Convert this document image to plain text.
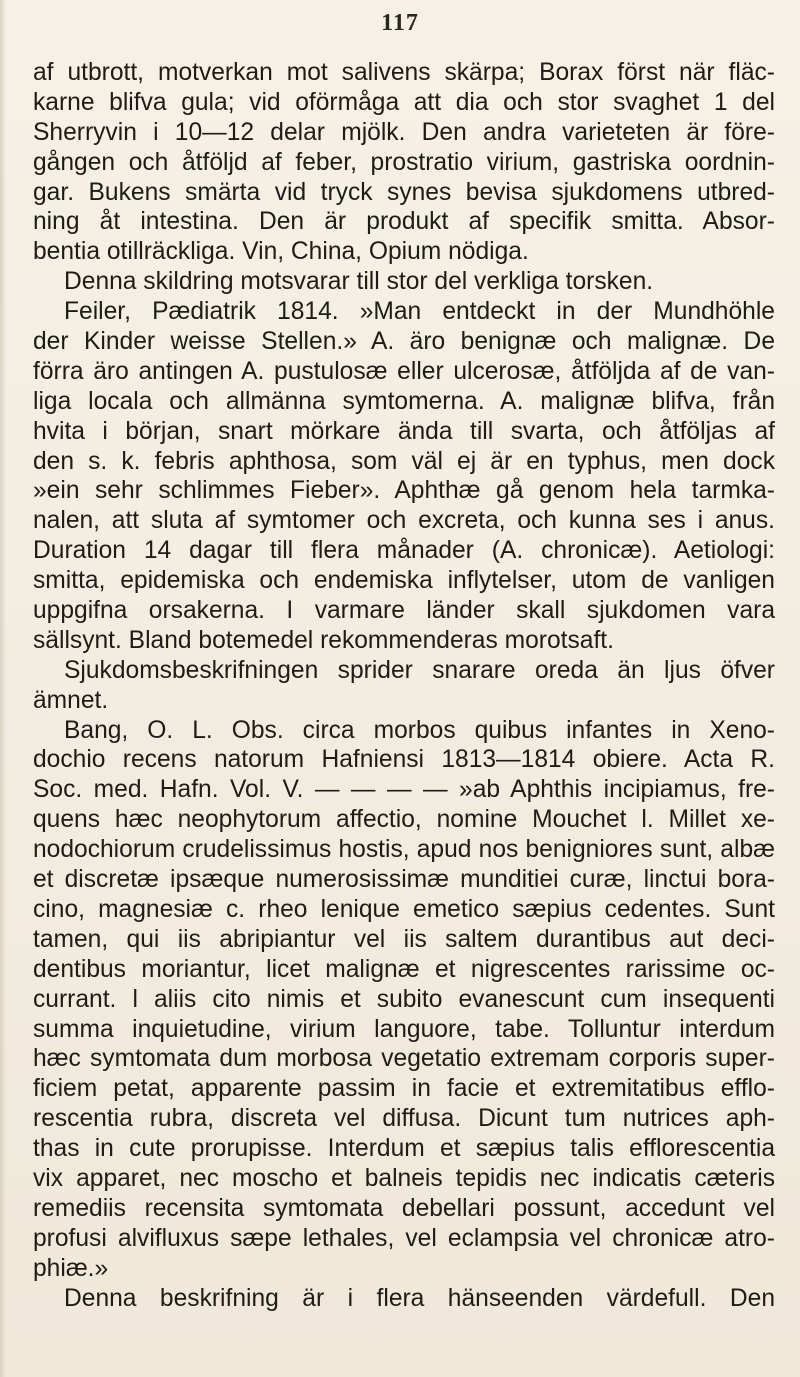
117
af utbrott, motverkan mot salivens skärpa; Borax först när fläc-
karne blifva gula; vid oförmåga att dia och stor svaghet 1 del
Sherryvin i 10—12 delar mjölk. Den andra varieteten är före-
gången och åtföljd af feber, prostratio virium, gastriska oordnin-
gar. Bukens smärta vid tryck synes bevisa sjukdomens utbred-
ning åt intestina. Den är produkt af specifik smitta. Absor-
bentia otillräckliga. Vin, China, Opium nödiga.
Denna skildring motsvarar till stor del verkliga torsken.
Feiler, Pædiatrik 1814. »Man entdeckt in der Mundhöhle
der Kinder weisse Stellen.» A. äro benignæ och malignæ. De
förra äro antingen A. pustulosæ eller ulcerosæ, åtföljda af de van-
liga locala och allmänna symtomerna. A. malignæ blifva, från
hvita i början, snart mörkare ända till svarta, och åtföljas af
den s. k. febris aphthosa, som väl ej är en typhus, men dock
»ein sehr schlimmes Fieber». Aphthæ gå genom hela tarmka-
nalen, att sluta af symtomer och excreta, och kunna ses i anus.
Duration 14 dagar till flera månader (A. chronicæ). Aetiologi:
smitta, epidemiska och endemiska inflytelser, utom de vanligen
uppgifna orsakerna. I varmare länder skall sjukdomen vara
sällsynt. Bland botemedel rekommenderas morotsaft.
Sjukdomsbeskrifningen sprider snarare oreda än ljus öfver
ämnet.
Bang, O. L. Obs. circa morbos quibus infantes in Xeno-
dochio recens natorum Hafniensi 1813—1814 obiere. Acta R.
Soc. med. Hafn. Vol. V. — — — — »ab Aphthis incipiamus, fre-
quens hæc neophytorum affectio, nomine Mouchet l. Millet xe-
nodochiorum crudelissimus hostis, apud nos benigniores sunt, albæ
et discretæ ipsæque numerosissimæ munditiei curæ, linctui bora-
cino, magnesiæ c. rheo lenique emetico sæpius cedentes. Sunt
tamen, qui iis abripiantur vel iis saltem durantibus aut deci-
dentibus moriantur, licet malignæ et nigrescentes rarissime oc-
currant. l aliis cito nimis et subito evanescunt cum insequenti
summa inquietudine, virium languore, tabe. Tolluntur interdum
hæc symtomata dum morbosa vegetatio extremam corporis super-
ficiem petat, apparente passim in facie et extremitatibus efflo-
rescentia rubra, discreta vel diffusa. Dicunt tum nutrices aph-
thas in cute prorupisse. Interdum et sæpius talis efflorescentia
vix apparet, nec moscho et balneis tepidis nec indicatis cæteris
remediis recensita symtomata debellari possunt, accedunt vel
profusi alvifluxus sæpe lethales, vel eclampsia vel chronicæ atro-
phiæ.»
Denna beskrifning är i flera hänseenden värdefull. Den
